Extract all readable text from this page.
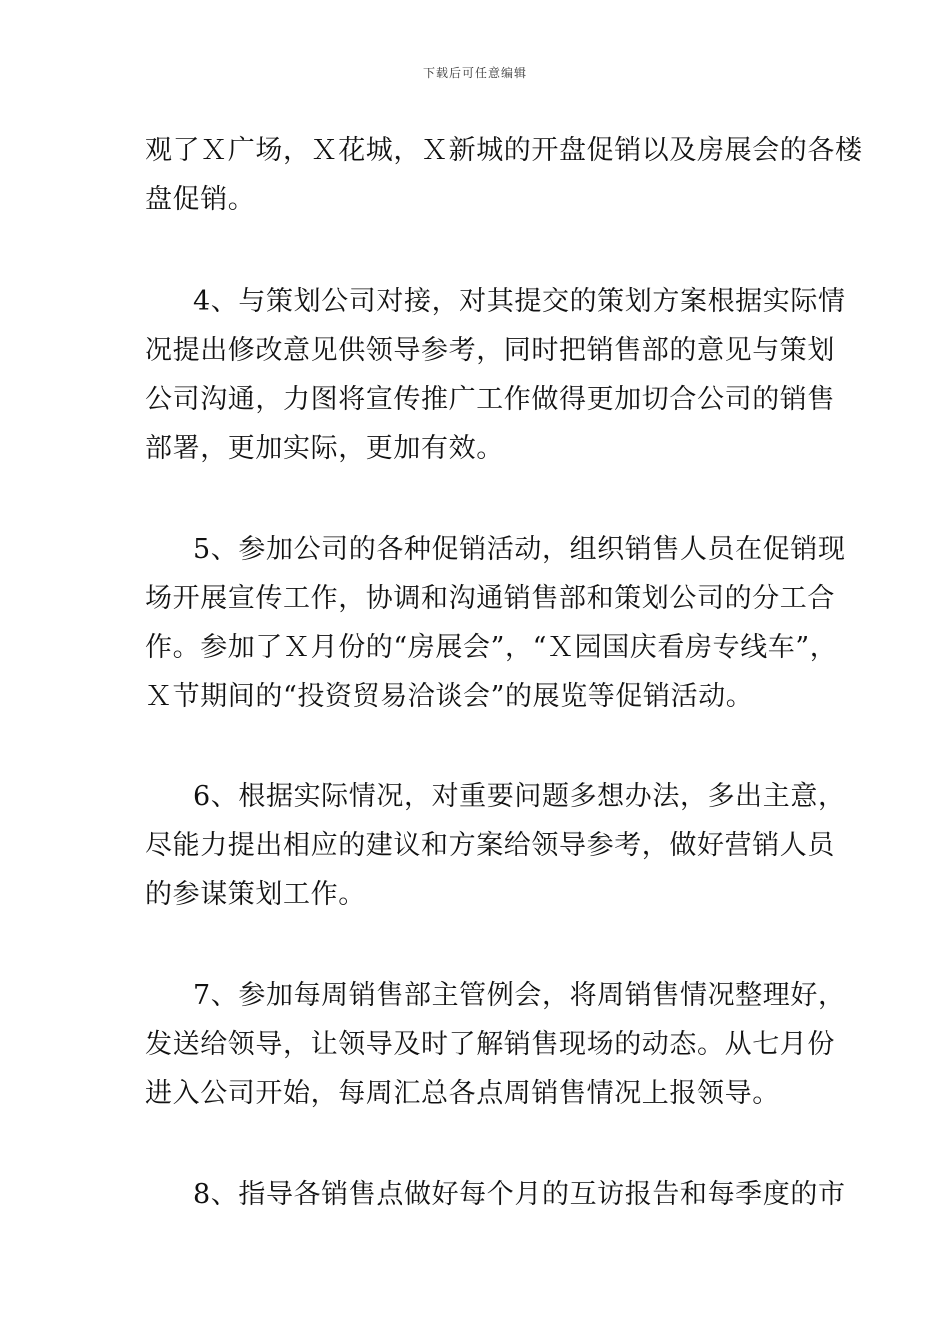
下载后可任意编辑
观了Ｘ广场，Ｘ花城，Ｘ新城的开盘促销以及房展会的各楼
盘促销。
4、与策划公司对接，对其提交的策划方案根据实际情
况提出修改意见供领导参考，同时把销售部的意见与策划
公司沟通，力图将宣传推广工作做得更加切合公司的销售
部署，更加实际，更加有效。
5、参加公司的各种促销活动，组织销售人员在促销现
场开展宣传工作，协调和沟通销售部和策划公司的分工合
作。参加了Ｘ月份的“房展会”，“Ｘ园国庆看房专线车”，
Ｘ节期间的“投资贸易洽谈会”的展览等促销活动。
6、根据实际情况，对重要问题多想办法，多出主意，
尽能力提出相应的建议和方案给领导参考，做好营销人员
的参谋策划工作。
7、参加每周销售部主管例会，将周销售情况整理好，
发送给领导，让领导及时了解销售现场的动态。从七月份
进入公司开始，每周汇总各点周销售情况上报领导。
8、指导各销售点做好每个月的互访报告和每季度的市
